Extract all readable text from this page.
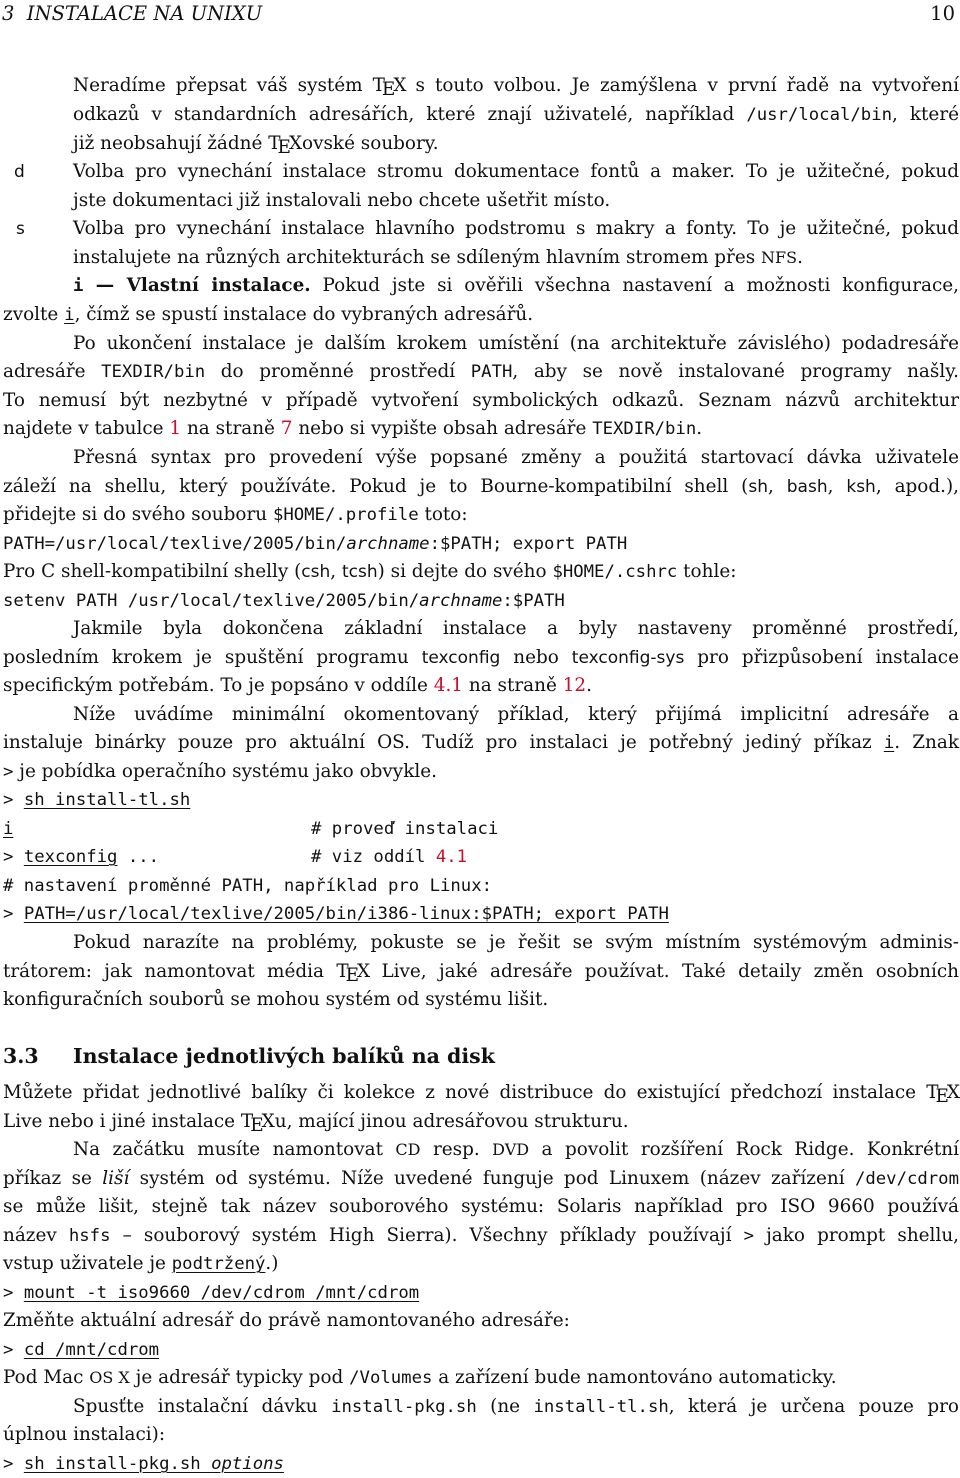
3  INSTALACE NA UNIXU

	10

Neradíme přepsat váš systém TEX s touto volbou. Je zamýšlena v první řadě na vytvoření
odkazů v standardních adresářích, které znají uživatelé, například /usr/local/bin, které
již neobsahují žádné TEXovské soubory.
d	Volba pro vynechání instalace stromu dokumentace fontů a maker. To je užitečné, pokud
jste dokumentaci již instalovali nebo chcete ušetřit místo.
s	Volba pro vynechání instalace hlavního podstromu s makry a fonty. To je užitečné, pokud
instalujete na různých architekturách se sdíleným hlavním stromem přes NFS.
i — Vlastní instalace. Pokud jste si ověřili všechna nastavení a možnosti konfigurace,
zvolte i, čímž se spustí instalace do vybraných adresářů.
Po ukončení instalace je dalším krokem umístění (na architektuře závislého) podadresáře
adresáře TEXDIR/bin do proměnné prostředí PATH, aby se nově instalované programy našly.
To nemusí být nezbytné v případě vytvoření symbolických odkazů. Seznam názvů architektur
najdete v tabulce 1 na straně 7 nebo si vypište obsah adresáře TEXDIR/bin.
Přesná syntax pro provedení výše popsané změny a použitá startovací dávka uživatele
záleží na shellu, který používáte. Pokud je to Bourne-kompatibilní shell (sh, bash, ksh, apod.),
přidejte si do svého souboru $HOME/.profile toto:
PATH=/usr/local/texlive/2005/bin/archname:$PATH; export PATH
Pro C shell-kompatibilní shelly (csh, tcsh) si dejte do svého $HOME/.cshrc tohle:
setenv PATH /usr/local/texlive/2005/bin/archname:$PATH
Jakmile byla dokončena základní instalace a byly nastaveny proměnné prostředí,
posledním krokem je spuštění programu texconfig nebo texconfig-sys pro přizpůsobení instalace
specifickým potřebám. To je popsáno v oddíle 4.1 na straně 12.
Níže uvádíme minimální okomentovaný příklad, který přijímá implicitní adresáře a
instaluje binárky pouze pro aktuální OS. Tudíž pro instalaci je potřebný jediný příkaz i. Znak
> je pobídka operačního systému jako obvykle.
> sh install-tl.sh
i	# proveď instalaci
> texconfig ...	# viz oddíl 4.1
# nastavení proměnné PATH, například pro Linux:
> PATH=/usr/local/texlive/2005/bin/i386-linux:$PATH; export PATH
Pokud narazíte na problémy, pokuste se je řešit se svým místním systémovým adminis-
trátorem: jak namontovat média TEX Live, jaké adresáře používat. Také detaily změn osobních
konfiguračních souborů se mohou systém od systému lišit.
3.3 Instalace jednotlivých balíků na disk
Můžete přidat jednotlivé balíky či kolekce z nové distribuce do existující předchozí instalace TEX
Live nebo i jiné instalace TEXu, mající jinou adresářovou strukturu.
Na začátku musíte namontovat CD resp. DVD a povolit rozšíření Rock Ridge. Konkrétní
příkaz se liší systém od systému. Níže uvedené funguje pod Linuxem (název zařízení /dev/cdrom
se může lišit, stejně tak název souborového systému: Solaris například pro ISO 9660 používá
název hsfs – souborový systém High Sierra). Všechny příklady používají > jako prompt shellu,
vstup uživatele je podtržený.)
> mount -t iso9660 /dev/cdrom /mnt/cdrom
Změňte aktuální adresář do právě namontovaného adresáře:
> cd /mnt/cdrom
Pod Mac OS X je adresář typicky pod /Volumes a zařízení bude namontováno automaticky.
Spusťte instalační dávku install-pkg.sh (ne install-tl.sh, která je určena pouze pro
úplnou instalaci):
> sh install-pkg.sh options
